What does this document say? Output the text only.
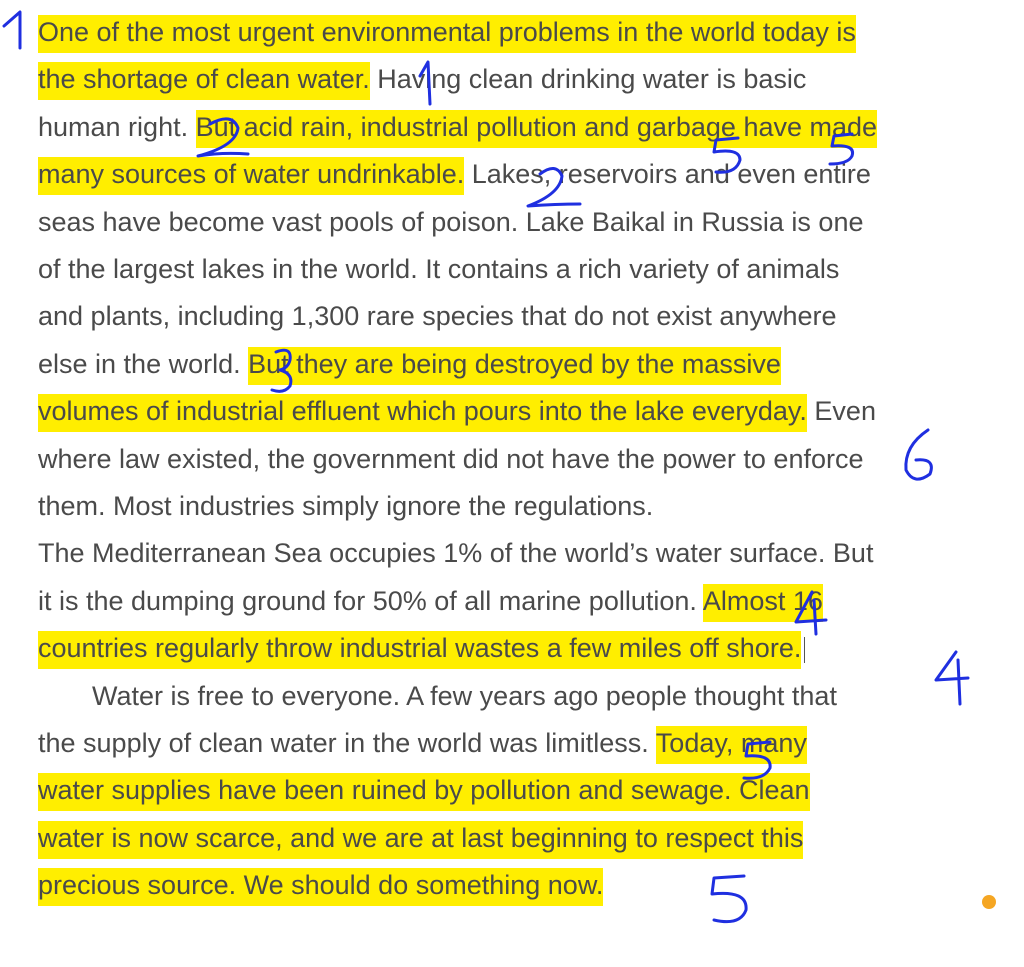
One of the most urgent environmental problems in the world today is
the shortage of clean water. Having clean drinking water is basic
human right. But acid rain, industrial pollution and garbage have made
many sources of water undrinkable. Lakes, reservoirs and even entire
seas have become vast pools of poison. Lake Baikal in Russia is one
of the largest lakes in the world. It contains a rich variety of animals
and plants, including 1,300 rare species that do not exist anywhere
else in the world. But they are being destroyed by the massive
volumes of industrial effluent which pours into the lake everyday. Even
where law existed, the government did not have the power to enforce
them. Most industries simply ignore the regulations.
The Mediterranean Sea occupies 1% of the world’s water surface. But
it is the dumping ground for 50% of all marine pollution. Almost 16
countries regularly throw industrial wastes a few miles off shore.
  Water is free to everyone. A few years ago people thought that
the supply of clean water in the world was limitless. Today, many
water supplies have been ruined by pollution and sewage. Clean
water is now scarce, and we are at last beginning to respect this
precious source. We should do something now.
